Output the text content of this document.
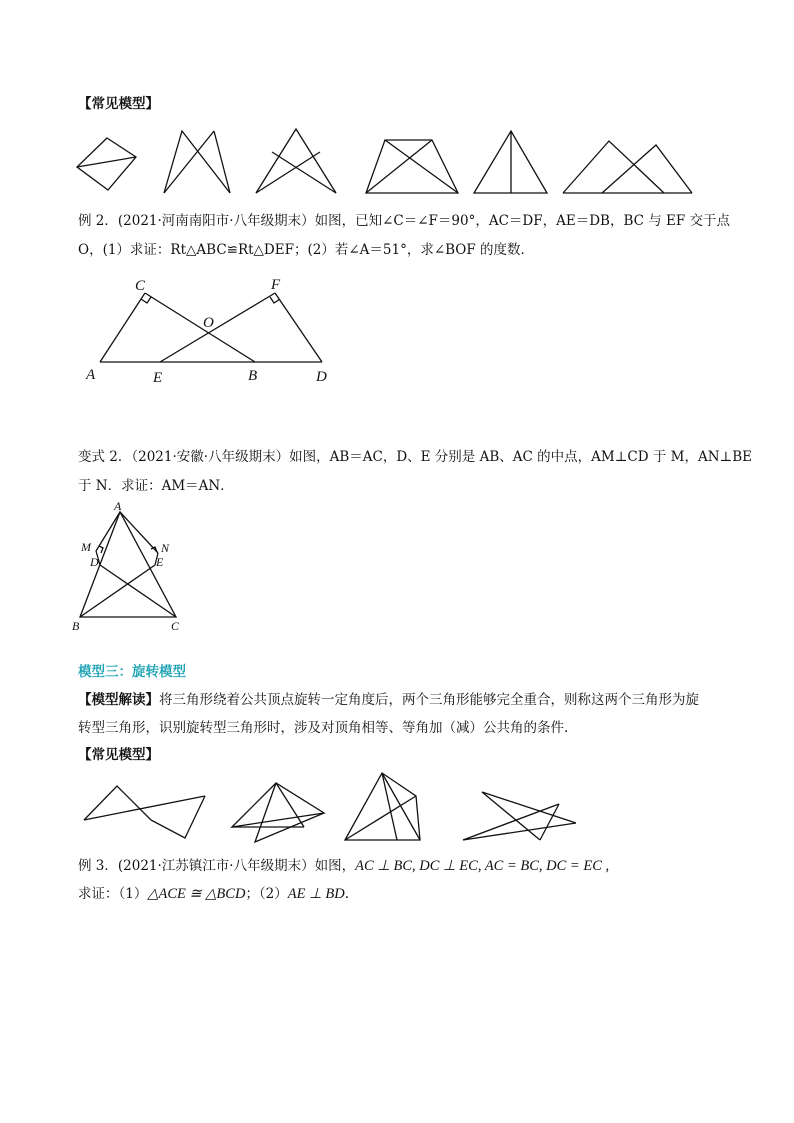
【常见模型】
例 2．(2021·河南南阳市·八年级期末）如图，已知∠C＝∠F＝90°，AC＝DF，AE＝DB，BC 与 EF 交于点
O，(1）求证：Rt△ABC≌Rt△DEF；(2）若∠A＝51°，求∠BOF 的度数．
C	F
O
A	E	B	D
变式 2．（2021·安徽·八年级期末）如图，AB＝AC，D、E 分别是 AB、AC 的中点，AM⊥CD 于 M，AN⊥BE
于 N．求证：AM＝AN．
A
M	N
D	E
B	C
模型三：旋转模型
【模型解读】将三角形绕着公共顶点旋转一定角度后，两个三角形能够完全重合，则称这两个三角形为旋
转型三角形，识别旋转型三角形时，涉及对顶角相等、等角加（减）公共角的条件.
【常见模型】
例 3．(2021·江苏镇江市·八年级期末）如图，AC ⊥ BC, DC ⊥ EC, AC = BC, DC = EC ,
求证：（1）△ACE ≅ △BCD；（2）AE ⊥ BD.
